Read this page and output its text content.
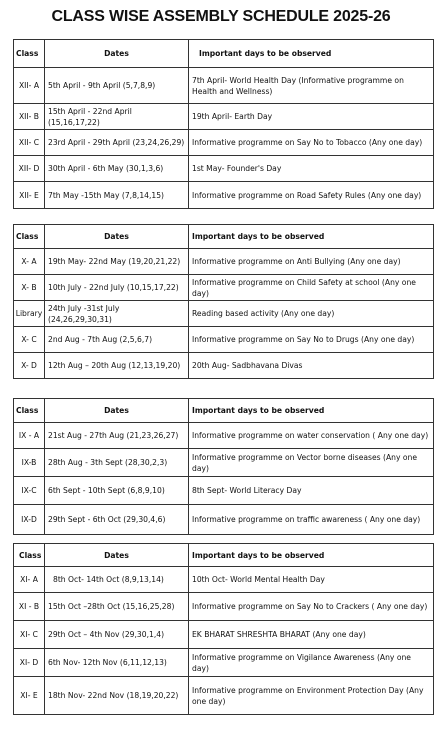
CLASS WISE ASSEMBLY SCHEDULE 2025-26
Class	Dates	Important days to be observed
XII- A	5th April - 9th April (5,7,8,9)	7th April- World Health Day (Informative programme on Health and Wellness)
XII- B	15th April - 22nd April (15,16,17,22)	19th April- Earth Day
XII- C	23rd April - 29th April (23,24,26,29)	Informative programme on Say No to Tobacco (Any one day)
XII- D	30th April - 6th May (30,1,3,6)	1st May- Founder's Day
XII- E	7th May -15th May (7,8,14,15)	Informative programme on Road Safety Rules (Any one day)
Class	Dates	Important days to be observed
X- A	19th May- 22nd May (19,20,21,22)	Informative programme on Anti Bullying (Any one day)
X- B	10th July - 22nd July (10,15,17,22)	Informative programme on Child Safety at school (Any one day)
Library	24th July -31st July (24,26,29,30,31)	Reading based activity (Any one day)
X- C	2nd Aug - 7th Aug (2,5,6,7)	Informative programme on Say No to Drugs (Any one day)
X- D	12th Aug – 20th Aug (12,13,19,20)	20th Aug- Sadbhavana Divas
Class	Dates	Important days to be observed
IX - A	21st Aug - 27th Aug (21,23,26,27)	Informative programme on water conservation ( Any one day)
IX-B	28th Aug - 3th Sept (28,30,2,3)	Informative programme on Vector borne diseases (Any one day)
IX-C	6th Sept - 10th Sept (6,8,9,10)	8th Sept- World Literacy Day
IX-D	29th Sept - 6th Oct (29,30,4,6)	Informative programme on traffic awareness ( Any one day)
Class	Dates	Important days to be observed
XI- A	8th Oct- 14th Oct (8,9,13,14)	10th Oct- World Mental Health Day
XI - B	15th Oct –28th Oct (15,16,25,28)	Informative programme on Say No to Crackers ( Any one day)
XI- C	29th Oct – 4th Nov (29,30,1,4)	EK BHARAT SHRESHTA BHARAT (Any one day)
XI- D	6th Nov- 12th Nov (6,11,12,13)	Informative programme on Vigilance Awareness (Any one day)
XI- E	18th Nov- 22nd Nov (18,19,20,22)	Informative programme on Environment Protection Day (Any one day)
